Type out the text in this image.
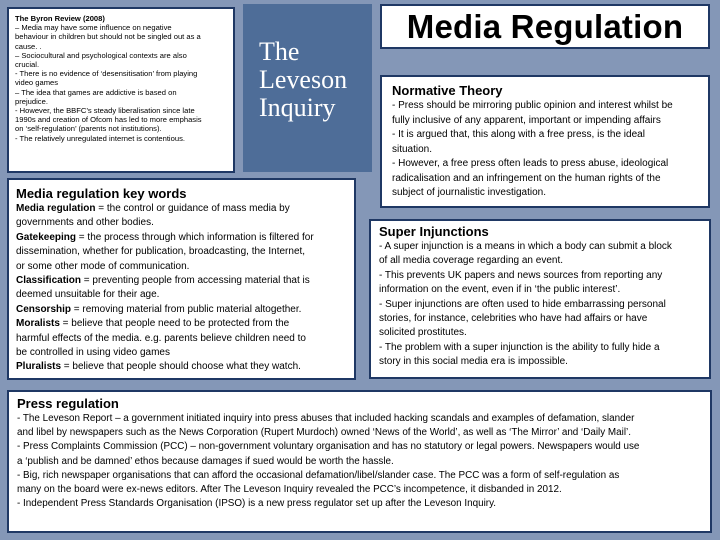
The Byron Review (2008)
– Media may have some influence on negative
behaviour in children but should not be singled out as a
cause. .
– Sociocultural and psychological contexts are also
crucial.
- There is no evidence of ‘desensitisation’ from playing
video games
– The idea that games are addictive is based on
prejudice.
- However, the BBFC’s steady liberalisation since late
1990s and creation of Ofcom has led to more emphasis
on ‘self-regulation’ (parents not institutions).
- The relatively unregulated internet is contentious.
The
Leveson
Inquiry
Media Regulation
Normative Theory
- Press should be mirroring public opinion and interest whilst be
fully inclusive of any apparent, important or impending affairs
- It is argued that, this along with a free press, is the ideal
situation.
- However, a free press often leads to press abuse, ideological
radicalisation and an infringement on the human rights of the
subject of journalistic investigation.
Media regulation key words
Media regulation = the control or guidance of mass media by
governments and other bodies.
Gatekeeping = the process through which information is filtered for
dissemination, whether for publication, broadcasting, the Internet,
or some other mode of communication.
Classification = preventing people from accessing material that is
deemed unsuitable for their age.
Censorship = removing material from public material altogether.
Moralists = believe that people need to be protected from the
harmful effects of the media. e.g. parents believe children need to
be controlled in using video games
Pluralists = believe that people should choose what they watch.
Super Injunctions
- A super injunction is a means in which a body can submit a block
of all media coverage regarding an event.
- This prevents UK papers and news sources from reporting any
information on the event, even if in ‘the public interest’.
- Super injunctions are often used to hide embarrassing personal
stories, for instance, celebrities who have had affairs or have
solicited prostitutes.
- The problem with a super injunction is the ability to fully hide a
story in this social media era is impossible.
Press regulation
- The Leveson Report – a government initiated inquiry into press abuses that included hacking scandals and examples of defamation, slander
and libel by newspapers such as the News Corporation (Rupert Murdoch) owned ‘News of the World’, as well as ‘The Mirror’ and ‘Daily Mail’.
- Press Complaints Commission (PCC) – non-government voluntary organisation and has no statutory or legal powers. Newspapers would use
a ‘publish and be damned’ ethos because damages if sued would be worth the hassle.
- Big, rich newspaper organisations that can afford the occasional defamation/libel/slander case. The PCC was a form of self-regulation as
many on the board were ex-news editors. After The Leveson Inquiry revealed the PCC’s incompetence, it disbanded in 2012.
- Independent Press Standards Organisation (IPSO) is a new press regulator set up after the Leveson Inquiry.
